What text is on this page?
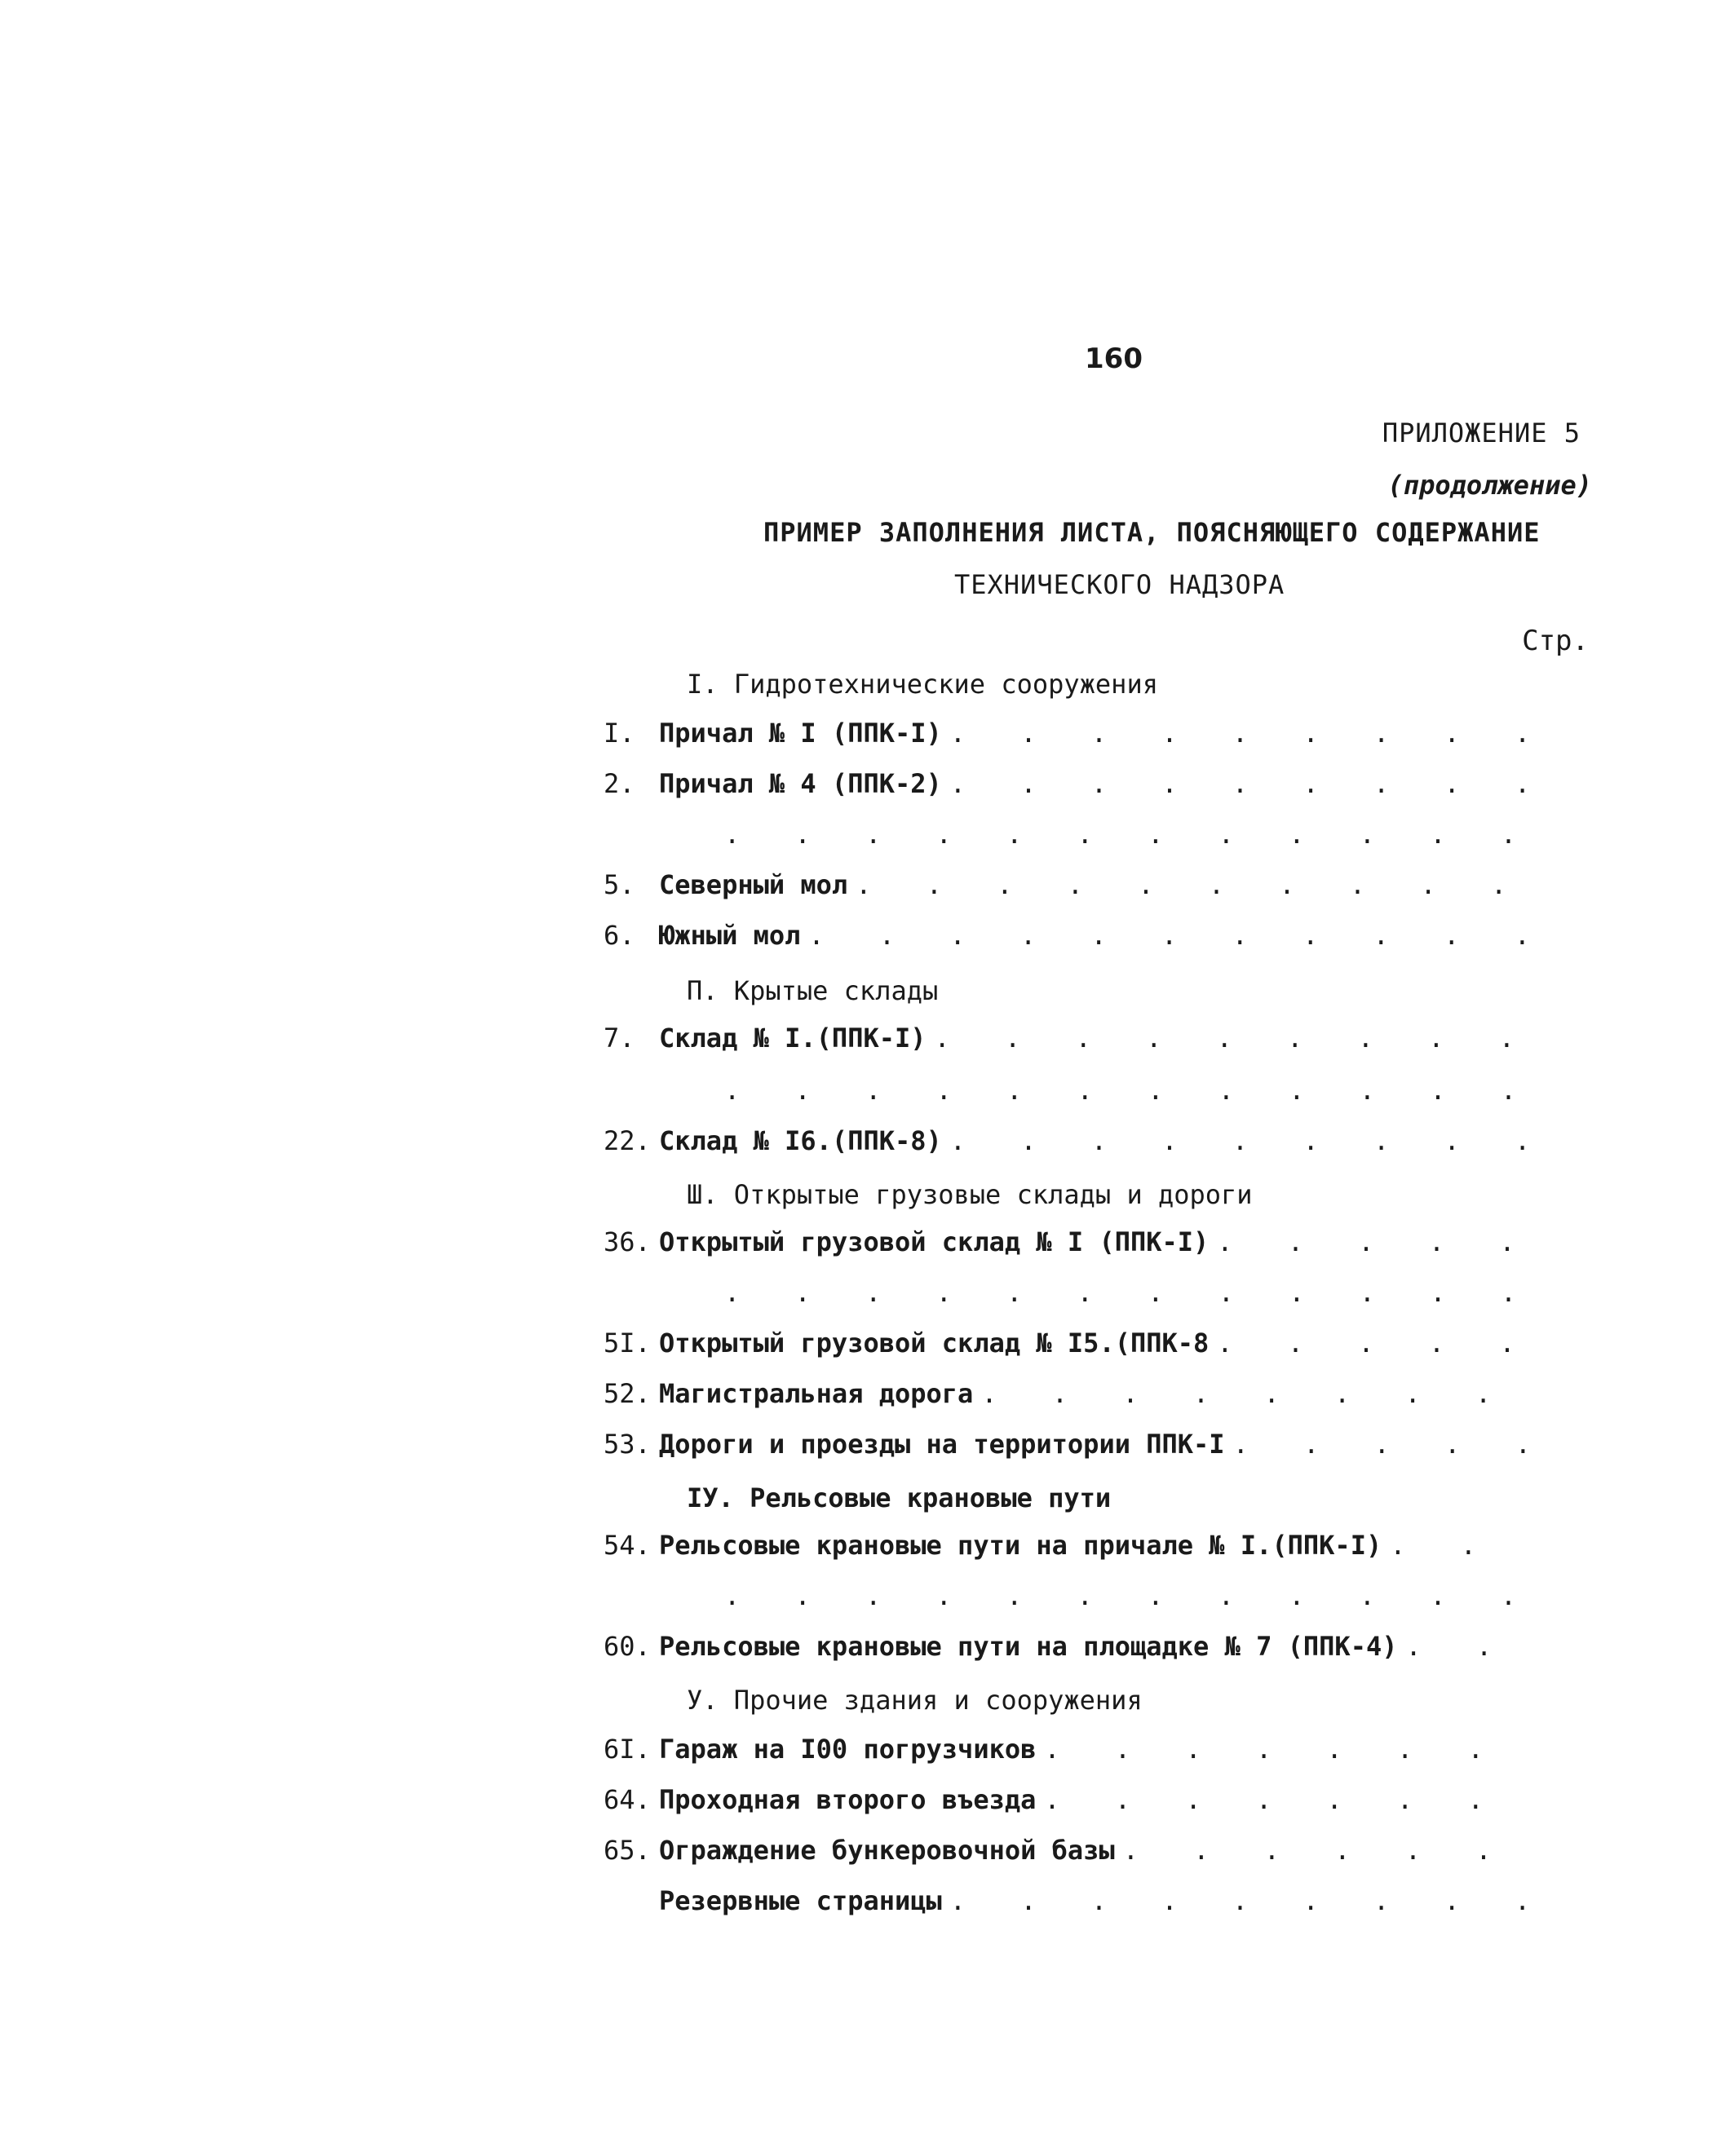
160
ПРИЛОЖЕНИЕ 5
(продолжение)
ПРИМЕР ЗАПОЛНЕНИЯ ЛИСТА, ПОЯСНЯЮЩЕГО СОДЕРЖАНИЕ
ТЕХНИЧЕСКОГО НАДЗОРА
Стр.
I. Гидротехнические сооружения
I. Причал № I (ППК-I)
. . .
2. Причал № 4 (ППК-2)
. . .
. . .
5. Северный мол
. . .
6. Южный мол
. . .
П. Крытые склады
7. Склад № I.(ППК-I)
. . .
. . .
22. Склад № I6.(ППК-8)
. . .
Ш. Открытые грузовые склады и дороги
36. Открытый грузовой склад № I (ППК-I)
. . .
. . .
5I. Открытый грузовой склад № I5.(ППК-8
. . .
52. Магистральная дорога
. . .
53. Дороги и проезды на территории ППК-I
. . .
IУ. Рельсовые крановые пути
54. Рельсовые крановые пути на причале № I.(ППК-I)
. . .
. . .
60. Рельсовые крановые пути на площадке № 7 (ППК-4)
. . .
У. Прочие здания и сооружения
6I. Гараж на I00 погрузчиков
. . .
64. Проходная второго въезда
. . .
65. Ограждение бункеровочной базы
. . .
Резервные страницы
. . .
